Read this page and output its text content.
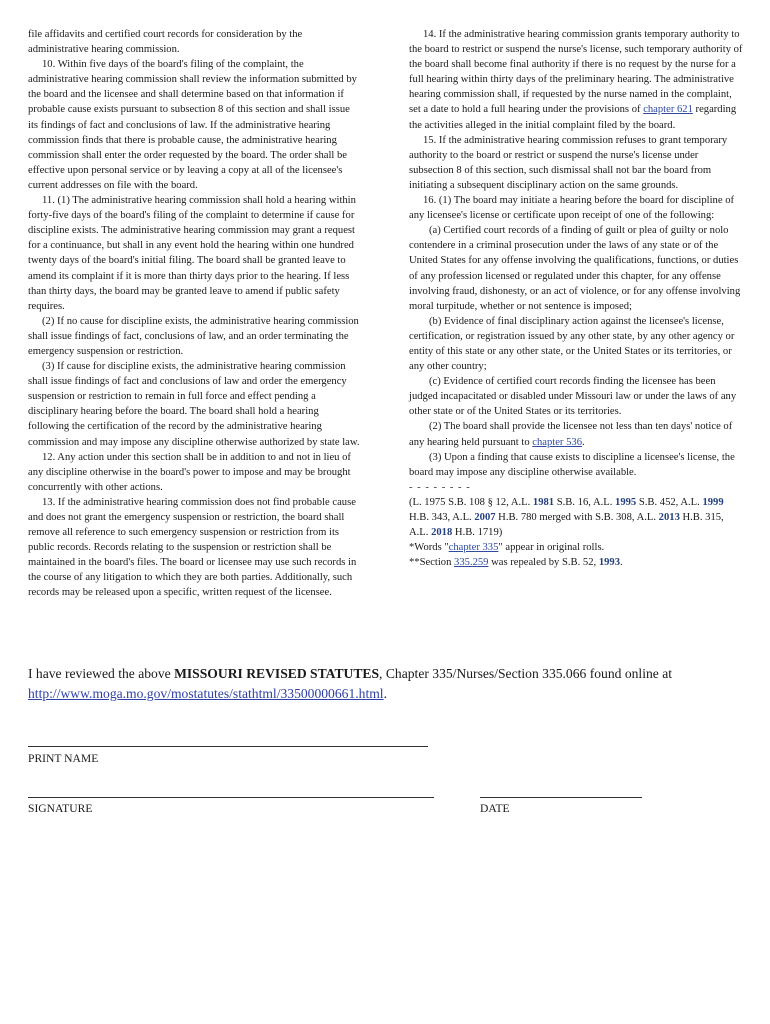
file affidavits and certified court records for consideration by the administrative hearing commission.

10. Within five days of the board's filing of the complaint, the administrative hearing commission shall review the information submitted by the board and the licensee and shall determine based on that information if probable cause exists pursuant to subsection 8 of this section and shall issue its findings of fact and conclusions of law. If the administrative hearing commission finds that there is probable cause, the administrative hearing commission shall enter the order requested by the board. The order shall be effective upon personal service or by leaving a copy at all of the licensee's current addresses on file with the board.

11. (1) The administrative hearing commission shall hold a hearing within forty-five days of the board's filing of the complaint to determine if cause for discipline exists. The administrative hearing commission may grant a request for a continuance, but shall in any event hold the hearing within one hundred twenty days of the board's initial filing. The board shall be granted leave to amend its complaint if it is more than thirty days prior to the hearing. If less than thirty days, the board may be granted leave to amend if public safety requires.

(2) If no cause for discipline exists, the administrative hearing commission shall issue findings of fact, conclusions of law, and an order terminating the emergency suspension or restriction.

(3) If cause for discipline exists, the administrative hearing commission shall issue findings of fact and conclusions of law and order the emergency suspension or restriction to remain in full force and effect pending a disciplinary hearing before the board. The board shall hold a hearing following the certification of the record by the administrative hearing commission and may impose any discipline otherwise authorized by state law.

12. Any action under this section shall be in addition to and not in lieu of any discipline otherwise in the board's power to impose and may be brought concurrently with other actions.

13. If the administrative hearing commission does not find probable cause and does not grant the emergency suspension or restriction, the board shall remove all reference to such emergency suspension or restriction from its public records. Records relating to the suspension or restriction shall be maintained in the board's files. The board or licensee may use such records in the course of any litigation to which they are both parties. Additionally, such records may be released upon a specific, written request of the licensee.

14. If the administrative hearing commission grants temporary authority to the board to restrict or suspend the nurse's license, such temporary authority of the board shall become final authority if there is no request by the nurse for a full hearing within thirty days of the preliminary hearing. The administrative hearing commission shall, if requested by the nurse named in the complaint, set a date to hold a full hearing under the provisions of chapter 621 regarding the activities alleged in the initial complaint filed by the board.

15. If the administrative hearing commission refuses to grant temporary authority to the board or restrict or suspend the nurse's license under subsection 8 of this section, such dismissal shall not bar the board from initiating a subsequent disciplinary action on the same grounds.

16. (1) The board may initiate a hearing before the board for discipline of any licensee's license or certificate upon receipt of one of the following:

(a) Certified court records of a finding of guilt or plea of guilty or nolo contendere in a criminal prosecution under the laws of any state or of the United States for any offense involving the qualifications, functions, or duties of any profession licensed or regulated under this chapter, for any offense involving fraud, dishonesty, or an act of violence, or for any offense involving moral turpitude, whether or not sentence is imposed;

(b) Evidence of final disciplinary action against the licensee's license, certification, or registration issued by any other state, by any other agency or entity of this state or any other state, or the United States or its territories, or any other country;

(c) Evidence of certified court records finding the licensee has been judged incapacitated or disabled under Missouri law or under the laws of any other state or of the United States or its territories.

(2) The board shall provide the licensee not less than ten days' notice of any hearing held pursuant to chapter 536.

(3) Upon a finding that cause exists to discipline a licensee's license, the board may impose any discipline otherwise available.

- - - - - - - -

(L. 1975 S.B. 108 § 12, A.L. 1981 S.B. 16, A.L. 1995 S.B. 452, A.L. 1999 H.B. 343, A.L. 2007 H.B. 780 merged with S.B. 308, A.L. 2013 H.B. 315, A.L. 2018 H.B. 1719)

*Words "chapter 335" appear in original rolls.

**Section 335.259 was repealed by S.B. 52, 1993.

I have reviewed the above MISSOURI REVISED STATUTES, Chapter 335/Nurses/Section 335.066 found online at
http://www.moga.mo.gov/mostatutes/stathtml/33500000661.html.
PRINT NAME
SIGNATURE	DATE
